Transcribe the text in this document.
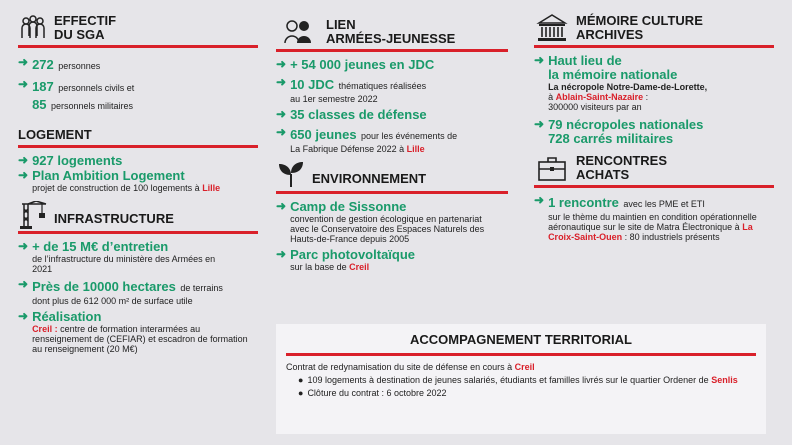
EFFECTIF
DU SGA
➜ 272 personnes
➜ 187 personnels civils et
85 personnels militaires
LOGEMENT
➜ 927 logements
➜ Plan Ambition Logement
projet de construction de 100 logements à Lille
INFRASTRUCTURE
➜ + de 15 M€ d’entretien
de l’infrastructure du ministère des Armées en 2021
➜ Près de 10000 hectares de terrains
dont plus de 612 000 m² de surface utile
➜ Réalisation
Creil : centre de formation interarmées au renseignement de (CEFIAR) et escadron de formation au renseignement (20 M€)
LIEN
ARMÉES-JEUNESSE
➜ + 54 000 jeunes en JDC
➜ 10 JDC thématiques réalisées
au 1er semestre 2022
➜ 35 classes de défense
➜ 650 jeunes pour les événements de
La Fabrique Défense 2022 à Lille
ENVIRONNEMENT
➜ Camp de Sissonne
convention de gestion écologique en partenariat avec le Conservatoire des Espaces Naturels des Hauts-de-France depuis 2005
➜ Parc photovoltaïque
sur la base de Creil
MÉMOIRE CULTURE
ARCHIVES
➜ Haut lieu de
la mémoire nationale
La nécropole Notre-Dame-de-Lorette,
à Ablain-Saint-Nazaire :
300000 visiteurs par an
➜ 79 nécropoles nationales
728 carrés militaires
RENCONTRES
ACHATS
➜ 1 rencontre avec les PME et ETI
sur le thème du maintien en condition opérationnelle aéronautique sur le site de Matra Électronique à La Croix-Saint-Ouen : 80 industriels présents
ACCOMPAGNEMENT TERRITORIAL
Contrat de redynamisation du site de défense en cours à Creil
● 109 logements à destination de jeunes salariés, étudiants et familles livrés sur le quartier Ordener de Senlis
● Clôture du contrat : 6 octobre 2022
